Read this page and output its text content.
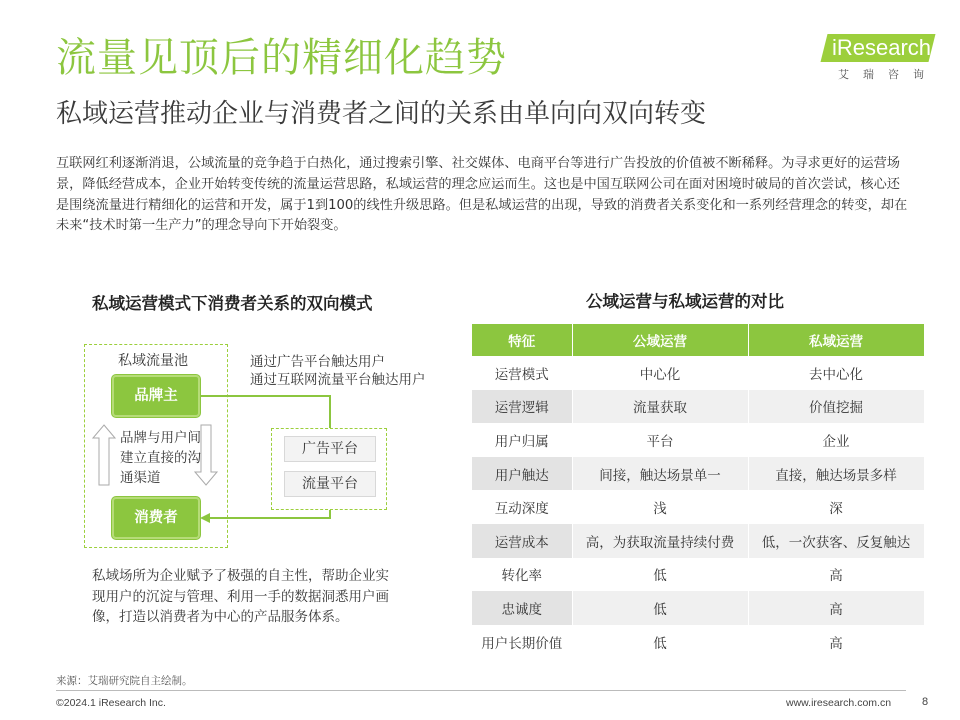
流量见顶后的精细化趋势
私域运营推动企业与消费者之间的关系由单向向双向转变
iResearch
艾瑞咨询

互联网红利逐渐消退，公域流量的竞争趋于白热化，通过搜索引擎、社交媒体、电商平台等进行广告投放的价值被不断稀释。为寻求更好的运营场景，降低经营成本，企业开始转变传统的流量运营思路，私域运营的理念应运而生。这也是中国互联网公司在面对困境时破局的首次尝试，核心还是围绕流量进行精细化的运营和开发，属于1到100的线性升级思路。但是私域运营的出现，导致的消费者关系变化和一系列经营理念的转变，却在未来“技术时第一生产力”的理念导向下开始裂变。

私域运营模式下消费者关系的双向模式
私域流量池
品牌主
消费者
品牌与用户间建立直接的沟通渠道
通过广告平台触达用户
通过互联网流量平台触达用户
广告平台
流量平台

私域场所为企业赋予了极强的自主性，帮助企业实现用户的沉淀与管理、利用一手的数据洞悉用户画像，打造以消费者为中心的产品服务体系。

公域运营与私域运营的对比
特征	公域运营	私域运营
运营模式	中心化	去中心化
运营逻辑	流量获取	价值挖掘
用户归属	平台	企业
用户触达	间接，触达场景单一	直接，触达场景多样
互动深度	浅	深
运营成本	高，为获取流量持续付费	低，一次获客、反复触达
转化率	低	高
忠诚度	低	高
用户长期价值	低	高
来源：艾瑞研究院自主绘制。
©2024.1 iResearch Inc.	www.iresearch.com.cn	8
